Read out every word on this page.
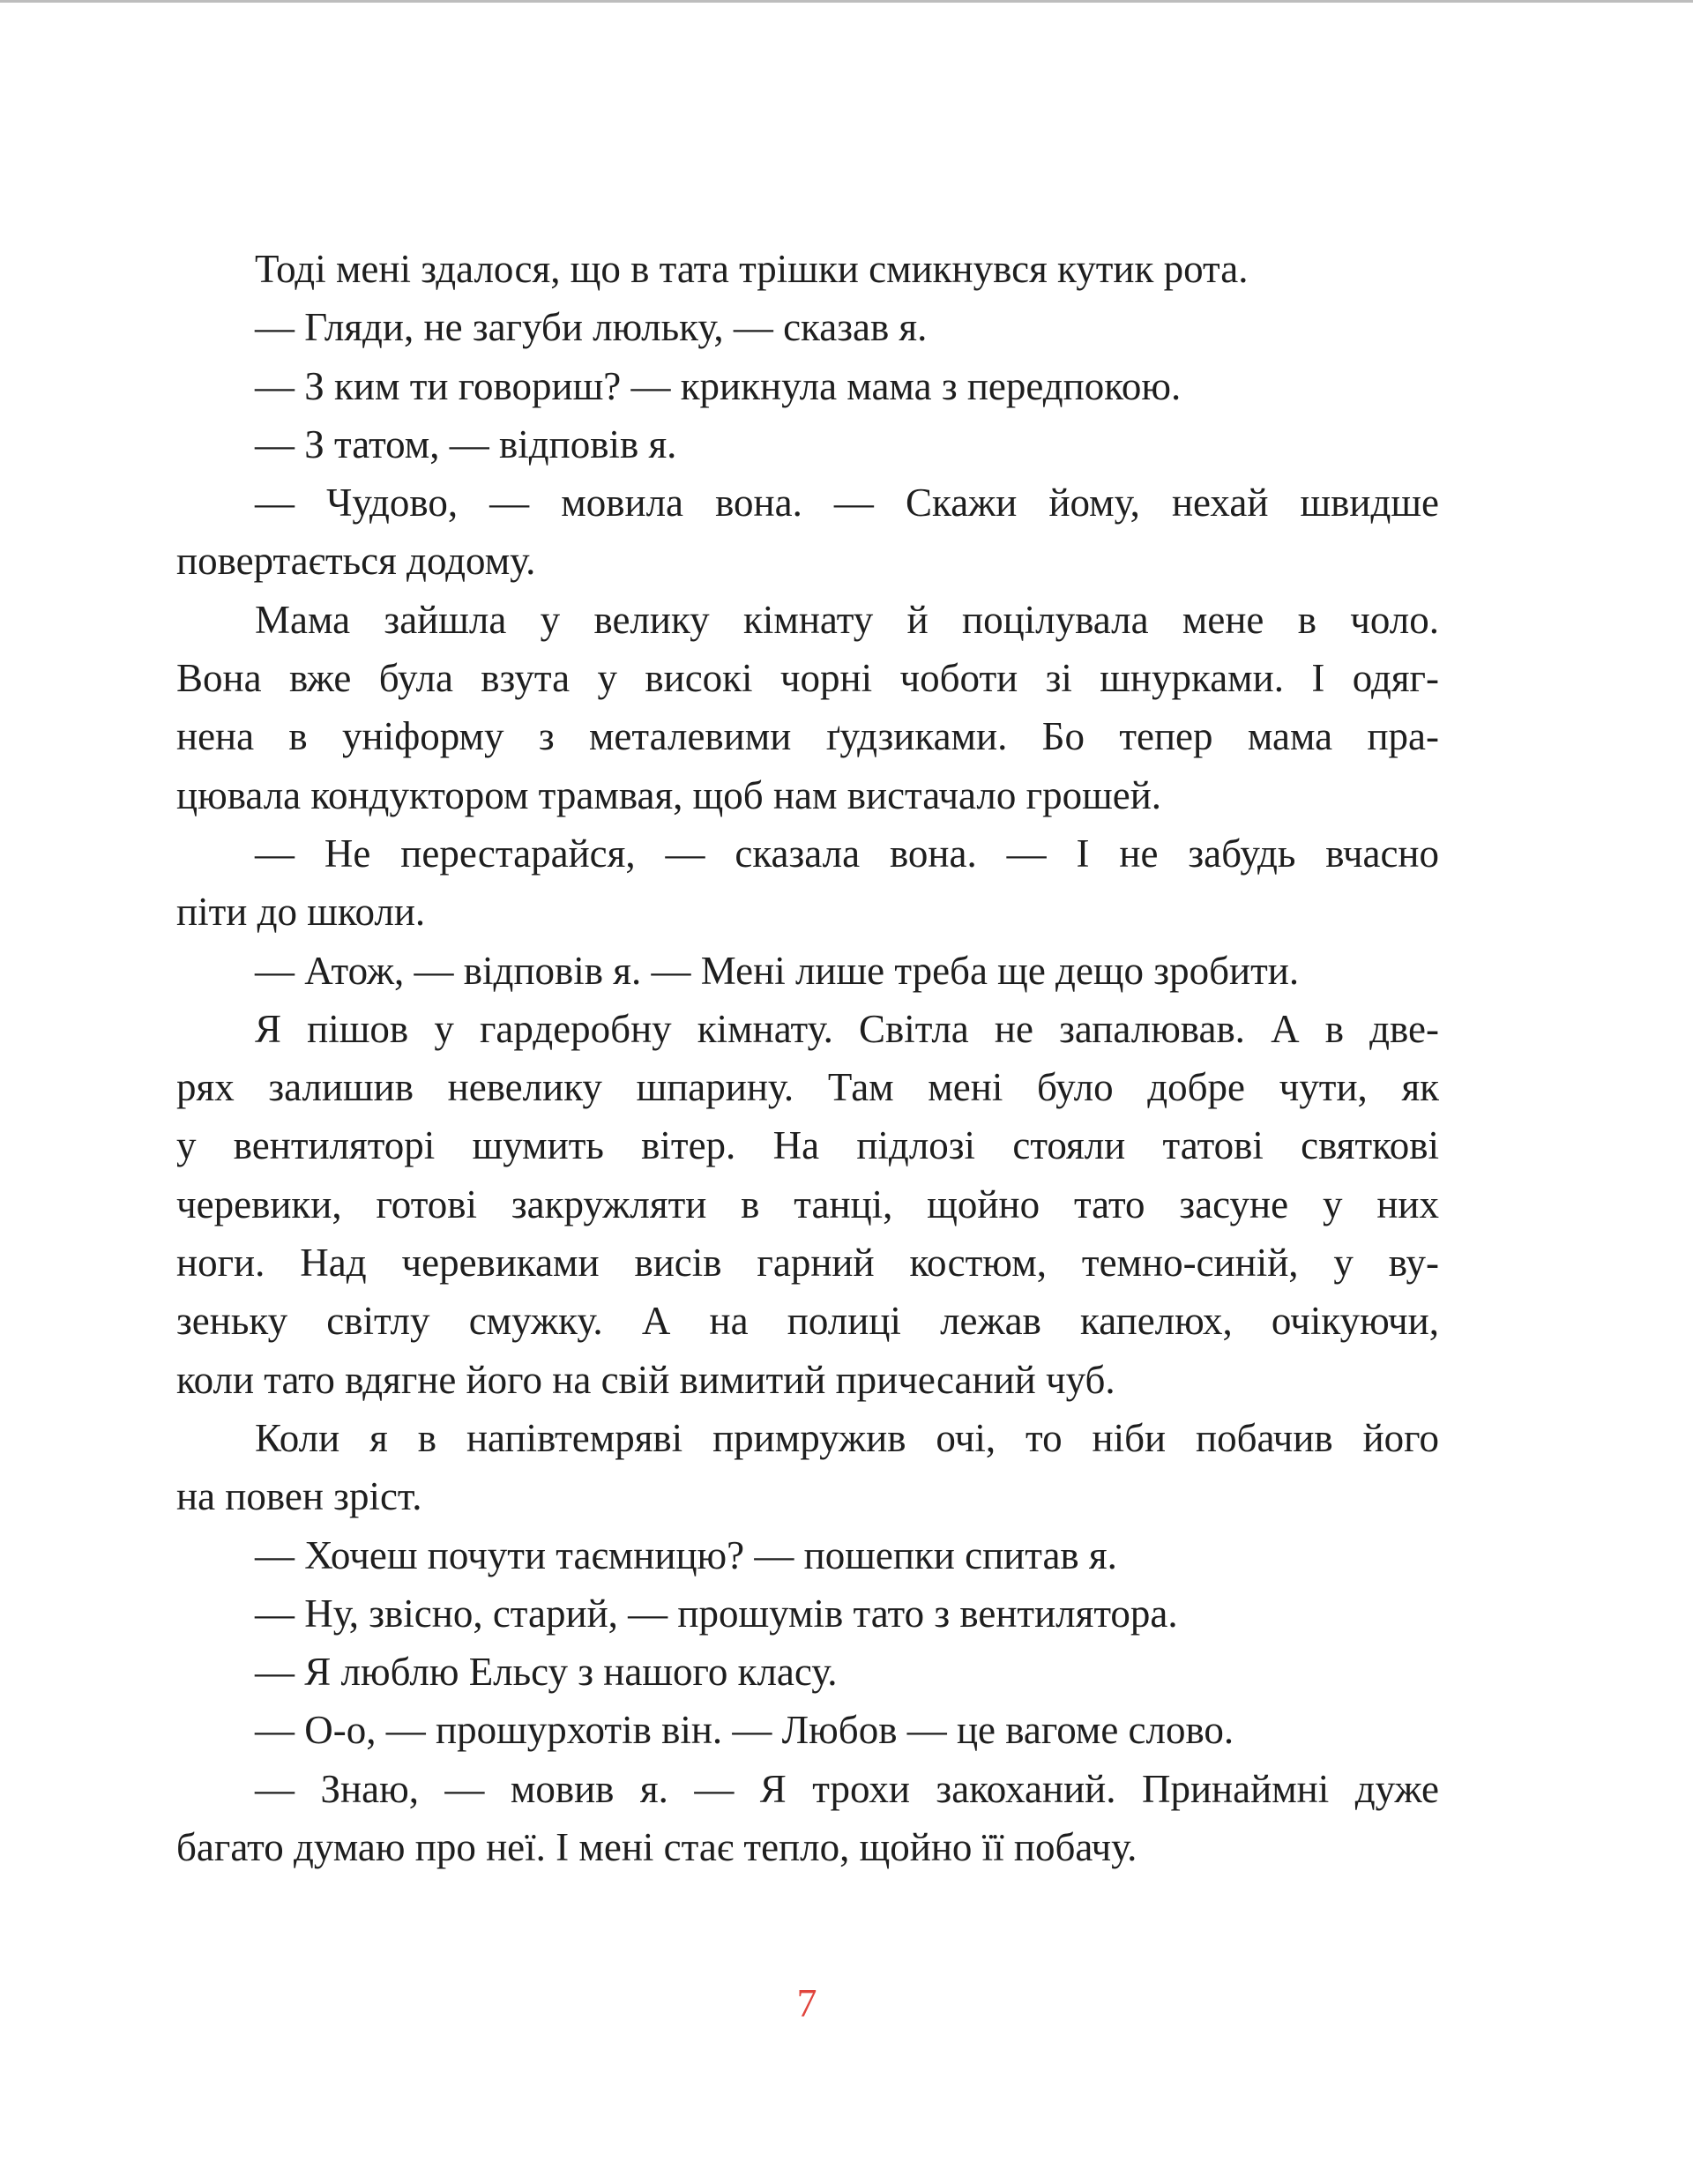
Тоді мені здалося, що в тата трішки смикнувся кутик рота.
— Гляди, не загуби люльку, — сказав я.
— З ким ти говориш? — крикнула мама з передпокою.
— З татом, — відповів я.
— Чудово, — мовила вона. — Скажи йому, нехай швидше
повертається додому.
Мама зайшла у велику кімнату й поцілувала мене в чоло.
Вона вже була взута у високі чорні чоботи зі шнурками. І одяг-
нена в уніформу з металевими ґудзиками. Бо тепер мама пра-
цювала кондуктором трамвая, щоб нам вистачало грошей.
— Не перестарайся, — сказала вона. — І не забудь вчасно
піти до школи.
— Атож, — відповів я. — Мені лише треба ще дещо зробити.
Я пішов у гардеробну кімнату. Світла не запалював. А в две-
рях залишив невелику шпарину. Там мені було добре чути, як
у вентиляторі шумить вітер. На підлозі стояли татові святкові
черевики, готові закружляти в танці, щойно тато засуне у них
ноги. Над черевиками висів гарний костюм, темно-синій, у ву-
зеньку світлу смужку. А на полиці лежав капелюх, очікуючи,
коли тато вдягне його на свій вимитий причесаний чуб.
Коли я в напівтемряві примружив очі, то ніби побачив його
на повен зріст.
— Хочеш почути таємницю? — пошепки спитав я.
— Ну, звісно, старий, — прошумів тато з вентилятора.
— Я люблю Ельсу з нашого класу.
— О-о, — прошурхотів він. — Любов — це вагоме слово.
— Знаю, — мовив я. — Я трохи закоханий. Принаймні дуже
багато думаю про неї. І мені стає тепло, щойно її побачу.
7
